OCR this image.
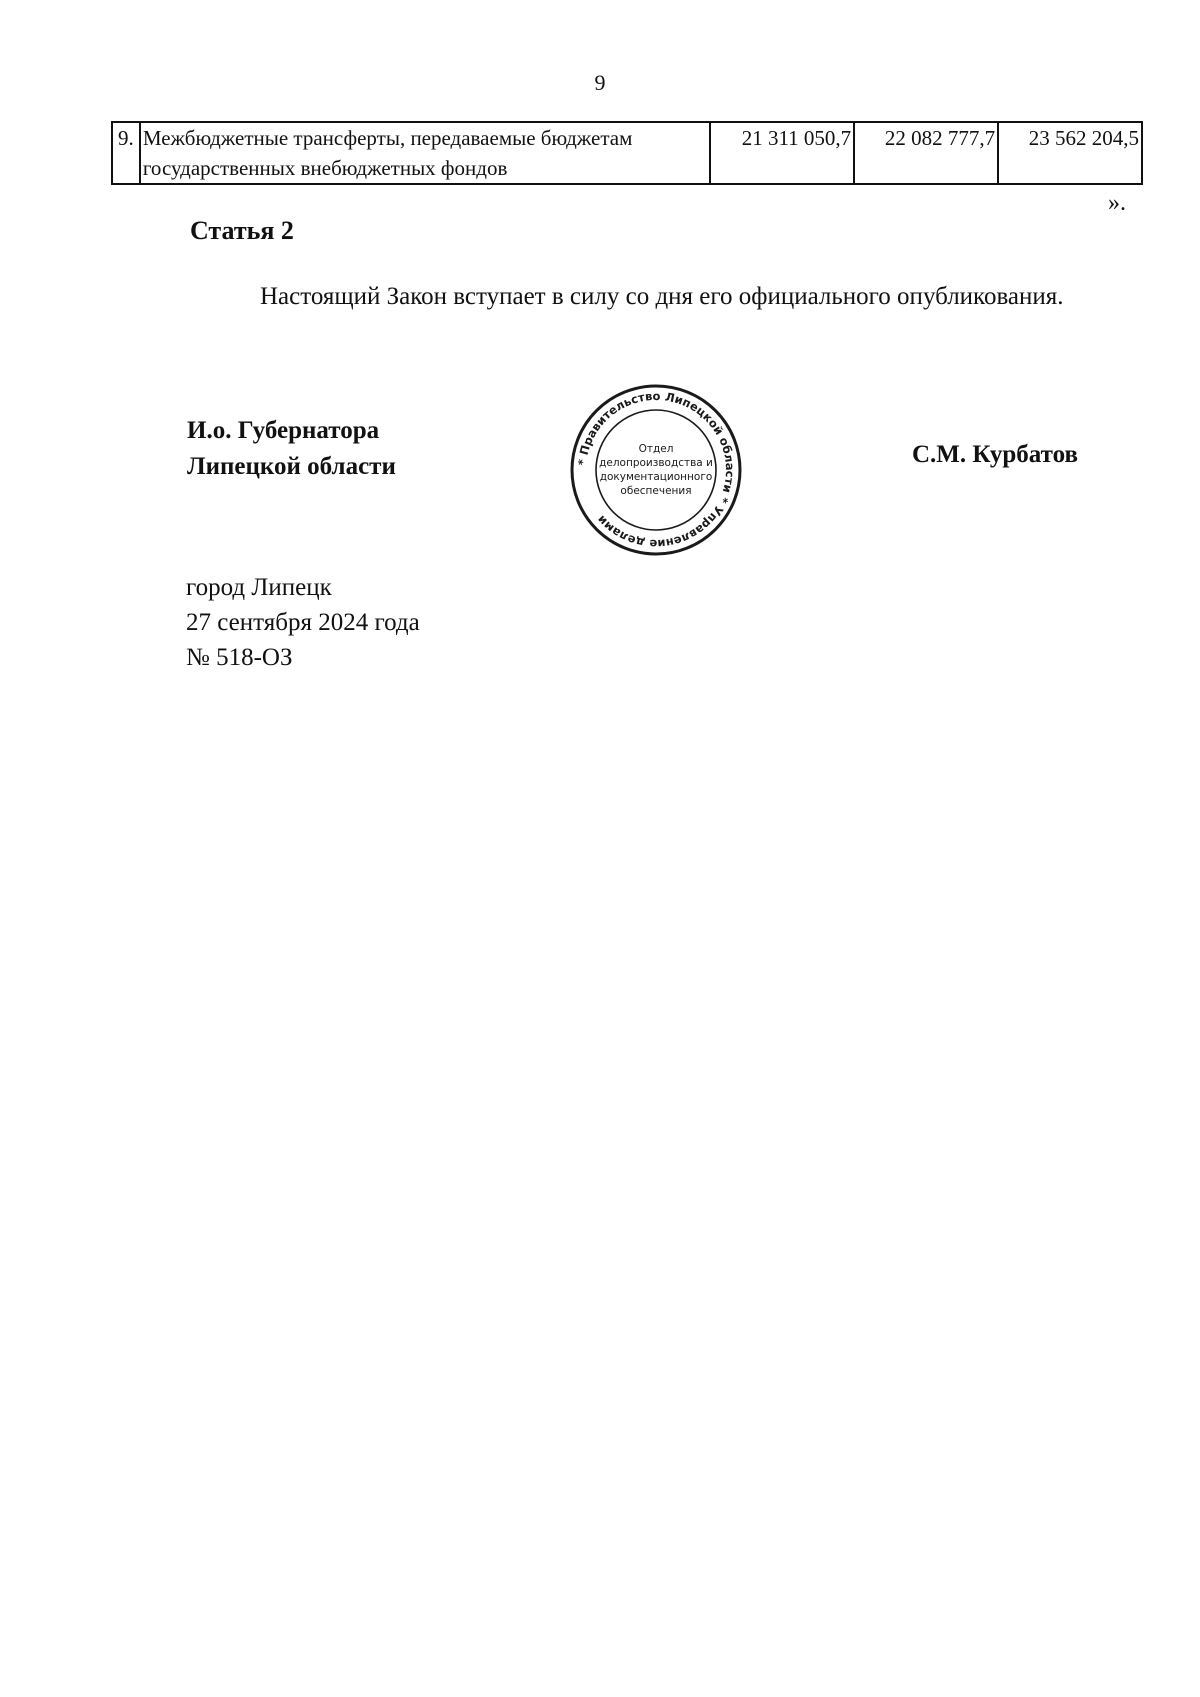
9
9.	Межбюджетные трансферты, передаваемые бюджетам государственных внебюджетных фондов	21 311 050,7	22 082 777,7	23 562 204,5
».
Статья 2
Настоящий Закон вступает в силу со дня его официального опубликования.
И.о. Губернатора
Липецкой области	С.М. Курбатов
* Правительство Липецкой области * Управление делами
Отдел
делопроизводства и
документационного
обеспечения
город Липецк
27 сентября 2024 года
№ 518-ОЗ
